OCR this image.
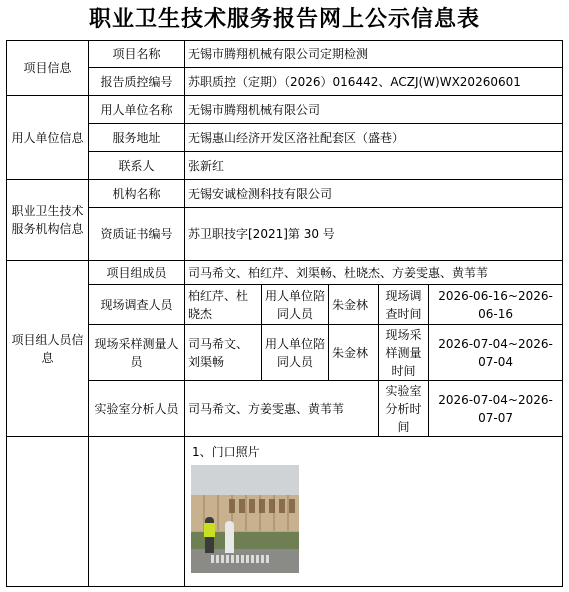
职业卫生技术服务报告网上公示信息表
项目信息	项目名称	无锡市腾翔机械有限公司定期检测				
	报告质控编号	苏职质控（定期）（2026）016442、ACZJ(W)WX20260601				
用人单位信息	用人单位名称	无锡市腾翔机械有限公司				
	服务地址	无锡惠山经济开发区洛社配套区（盛巷）				
	联系人	张新红				
职业卫生技术服务机构信息	机构名称	无锡安诚检测科技有限公司				
	资质证书编号	苏卫职技字[2021]第 30 号				
项目组人员信息	项目组成员	司马希文、柏红芹、刘渠畅、杜晓杰、方姜雯惠、黄苇苇				
	现场调查人员	柏红芹、杜晓杰	用人单位陪同人员	朱金林	现场调查时间	2026-06-16~2026-06-16
	现场采样测量人员	司马希文、刘渠畅	用人单位陪同人员	朱金林	现场采样测量时间	2026-07-04~2026-07-04
	实验室分析人员	司马希文、方姜雯惠、黄苇苇			实验室分析时间	2026-07-04~2026-07-07

		1、门口照片				
